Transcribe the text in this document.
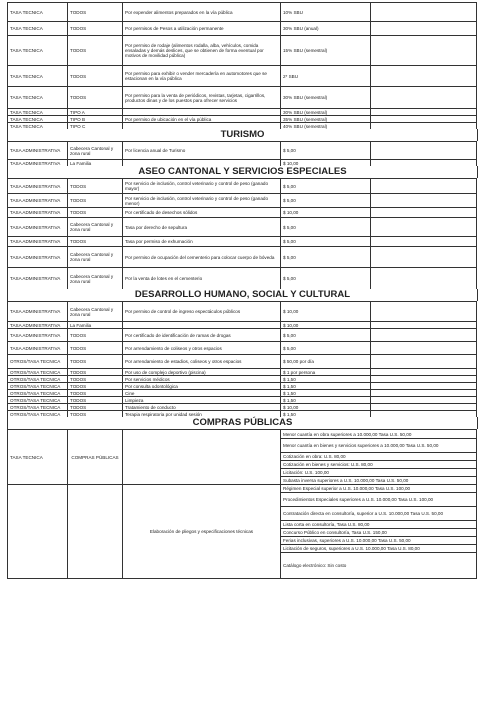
TASA TECNICA	TODOS	Por expender alimentos preparados en la vía pública	10% SBU	
TASA TECNICA	TODOS	Por permisos de Pesos a utilización permanente	30% SBU (anual)	
TASA TECNICA	TODOS	Por permiso de rodaje (alimentos rodalla, alba, vehículos, comida ensaladas y demás deslices, que se obtienen de forma eventual por motivos de movilidad pública)	15% SBU (semestral)	
TASA TECNICA	TODOS	Por permiso para exhibir o vender mercadería en automotores que se estacionan en la vía pública	2* SBU	
TASA TECNICA	TODOS	Por permiso para la venta de periódicos, revistas, tarjetas, cigarrillos, productos dinas y de los puestos para ofrecer servicios	30% SBU (semestral)	
TASA TECNICA	TIPO A		30% SBU (semestral)	
TASA TECNICA	TIPO B	Por permiso de ubicación en el vía pública	35% SBU (semestral)	
TASA TECNICA	TIPO C		40% SBU (semestral)	
TURISMO
TASA ADMINISTRATIVA	Cabecera Cantonal y zona rural	Por licencia anual de Turismo	$ 5,00	
TASA ADMINISTRATIVA	La Familia		$ 10,00	
ASEO CANTONAL Y SERVICIOS ESPECIALES
TASA ADMINISTRATIVA	TODOS	Por servicio de inclusión, control veterinario y control de peso (ganado mayor)	$ 5,00	
TASA ADMINISTRATIVA	TODOS	Por servicio de inclusión, control veterinario y control de peso (ganado menor)	$ 5,00	
TASA ADMINISTRATIVA	TODOS	Por certificado de desechos sólidos	$ 10,00	
TASA ADMINISTRATIVA	Cabecera Cantonal y zona rural	Tasa por derecho de sepultura	$ 5,00	
TASA ADMINISTRATIVA	TODOS	Tasa por permiso de exhumación	$ 5,00	
TASA ADMINISTRATIVA	Cabecera Cantonal y zona rural	Por permiso de ocupación del cementerio para colocar cuerpo de bóveda	$ 5,00	
TASA ADMINISTRATIVA	Cabecera Cantonal y zona rural	Por la venta de lotes en el cementerio	$ 5,00	
DESARROLLO HUMANO, SOCIAL Y CULTURAL
TASA ADMINISTRATIVA	Cabecera Cantonal y zona rural	Por permiso de control de ingreso espectáculos públicos	$ 10,00	
TASA ADMINISTRATIVA	La Familia		$ 10,00	
TASA ADMINISTRATIVA	TODOS	Por certificado de identificación de ramas de drogas	$ 5,00	
TASA ADMINISTRATIVA	TODOS	Por arrendamiento de coliseos y otros espacios	$ 5,00	
OTROS/TASA TECNICA	TODOS	Por arrendamiento de estadios, coliseos y otros espacios	$ 50,00 por día	
OTROS/TASA TECNICA	TODOS	Por uso de complejo deportivo (piscina)	$ 1 por persona	
OTROS/TASA TECNICA	TODOS	Por servicios médicos	$ 1,50	
OTROS/TASA TECNICA	TODOS	Por consulta odontológica	$ 1,50	
OTROS/TASA TECNICA	TODOS	Cine	$ 1,50	
OTROS/TASA TECNICA	TODOS	Limpieza	$ 1,50	
OTROS/TASA TECNICA	TODOS	Tratamiento de conducto	$ 10,00	
OTROS/TASA TECNICA	TODOS	Terapia respiratoria por unidad sesión	$ 1,50	
COMPRAS PÚBLICAS
TASA TECNICA	COMPRAS PÚBLICAS		Menor cuantía en obra superiores a 10.000,00 Tasa U.S. 50,00
			Menor cuantía en bienes y servicios superiores a 10.000,00 Tasa U.S. 50,00
			Cotización en obra: U.S. 80,00
			Cotización en bienes y servicios: U.S. 80,00
			Licitación: U.S. 100,00
			Subasta inversa superiores a U.S. 10.000,00 Tasa U.S. 50,00
		Elaboración de pliegos y especificaciones técnicas	Régimen Especial superior a U.S. 10.000,00 Tasa U.S. 100,00
			Procedimientos Especiales superiores a U.S. 10.000,00 Tasa U.S. 100,00
			Contratación directa en consultoría, superior a U.S. 10.000,00 Tasa U.S. 50,00
			Lista corta en consultoría, Tasa U.S. 80,00
			Concurso Público en consultoría, Tasa U.S. 150,00
			Ferias inclusivas, superiores a U.S. 10.000,00 Tasa U.S. 50,00
			Licitación de seguros, superiores a U.S. 10.000,00 Tasa U.S. 80,00
			Catálogo electrónico: Sin costo
